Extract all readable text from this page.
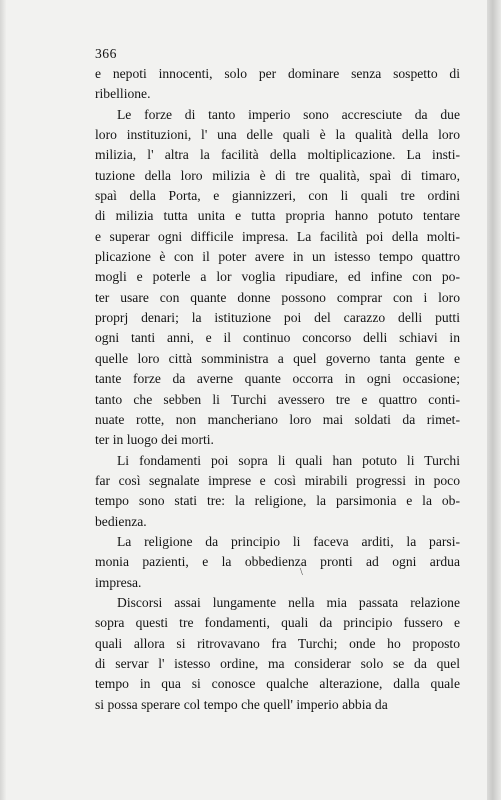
366
e nepoti innocenti, solo per dominare senza sospetto di
ribellione.
Le forze di tanto imperio sono accresciute da due
loro instituzioni, l' una delle quali è la qualità della loro
milizia, l' altra la facilità della moltiplicazione. La insti-
tuzione della loro milizia è di tre qualità, spaì di timaro,
spaì della Porta, e giannizzeri, con li quali tre ordini
di milizia tutta unita e tutta propria hanno potuto tentare
e superar ogni difficile impresa. La facilità poi della molti-
plicazione è con il poter avere in un istesso tempo quattro
mogli e poterle a lor voglia ripudiare, ed infine con po-
ter usare con quante donne possono comprar con i loro
proprj denari; la istituzione poi del carazzo delli putti
ogni tanti anni, e il continuo concorso delli schiavi in
quelle loro città somministra a quel governo tanta gente e
tante forze da averne quante occorra in ogni occasione;
tanto che sebben li Turchi avessero tre e quattro conti-
nuate rotte, non mancheriano loro mai soldati da rimet-
ter in luogo dei morti.
Li fondamenti poi sopra li quali han potuto li Turchi
far così segnalate imprese e così mirabili progressi in poco
tempo sono stati tre: la religione, la parsimonia e la ob-
bedienza.
La religione da principio li faceva arditi, la parsi-
monia pazienti, e la obbedienza pronti ad ogni ardua
impresa.
Discorsi assai lungamente nella mia passata relazione
sopra questi tre fondamenti, quali da principio fussero e
quali allora si ritrovavano fra Turchi; onde ho proposto
di servar l' istesso ordine, ma considerar solo se da quel
tempo in qua si conosce qualche alterazione, dalla quale
si possa sperare col tempo che quell' imperio abbia da
\
